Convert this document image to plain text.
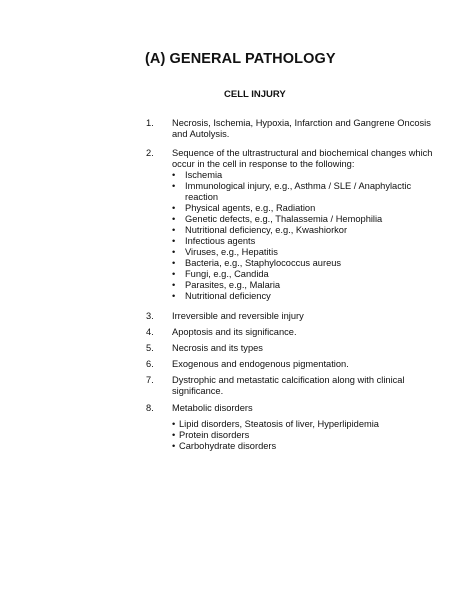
(A) GENERAL PATHOLOGY
CELL INJURY
1. Necrosis, Ischemia, Hypoxia, Infarction and Gangrene Oncosis and Autolysis.
2. Sequence of the ultrastructural and biochemical changes which occur in the cell in response to the following:
• Ischemia
• Immunological injury, e.g., Asthma / SLE / Anaphylactic reaction
• Physical agents, e.g., Radiation
• Genetic defects, e.g., Thalassemia / Hemophilia
• Nutritional deficiency, e.g., Kwashiorkor
• Infectious agents
• Viruses, e.g., Hepatitis
• Bacteria, e.g., Staphylococcus aureus
• Fungi, e.g., Candida
• Parasites, e.g., Malaria
• Nutritional deficiency
3. Irreversible and reversible injury
4. Apoptosis and its significance.
5. Necrosis and its types
6. Exogenous and endogenous pigmentation.
7. Dystrophic and metastatic calcification along with clinical significance.
8. Metabolic disorders
• Lipid disorders, Steatosis of liver, Hyperlipidemia
• Protein disorders
• Carbohydrate disorders
